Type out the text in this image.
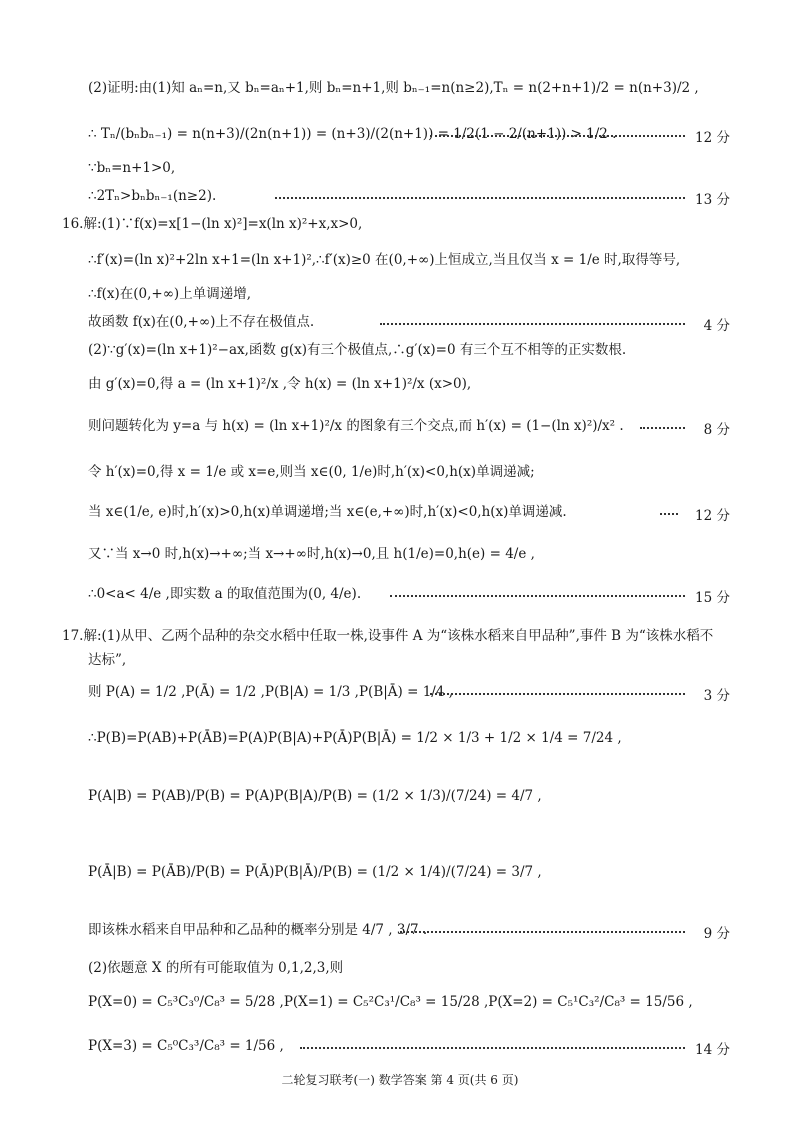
(2)证明:由(1)知 aₙ=n,又 bₙ=aₙ+1,则 bₙ=n+1,则 bₙ₋₁=n(n≥2),Tₙ = n(2+n+1)/2 = n(n+3)/2 ,
∴ Tₙ/(bₙbₙ₋₁) = n(n+3)/(2n(n+1)) = (n+3)/(2(n+1)) = 1/2(1 − 2/(n+1)) > 1/2 .	12 分
∵bₙ=n+1>0,
∴2Tₙ>bₙbₙ₋₁(n≥2).	13 分
16.解:(1)∵f(x)=x[1−(ln x)²]=x(ln x)²+x,x>0,
∴f′(x)=(ln x)²+2ln x+1=(ln x+1)²,∴f′(x)≥0 在(0,+∞)上恒成立,当且仅当 x = 1/e 时,取得等号,
∴f(x)在(0,+∞)上单调递增,
故函数 f(x)在(0,+∞)上不存在极值点.	4 分
(2)∵g′(x)=(ln x+1)²−ax,函数 g(x)有三个极值点,∴g′(x)=0 有三个互不相等的正实数根.
由 g′(x)=0,得 a = (ln x+1)²/x ,令 h(x) = (ln x+1)²/x (x>0),
则问题转化为 y=a 与 h(x) = (ln x+1)²/x 的图象有三个交点,而 h′(x) = (1−(ln x)²)/x² .	8 分
令 h′(x)=0,得 x = 1/e 或 x=e,则当 x∈(0, 1/e)时,h′(x)<0,h(x)单调递减;
当 x∈(1/e, e)时,h′(x)>0,h(x)单调递增;当 x∈(e,+∞)时,h′(x)<0,h(x)单调递减.	12 分
又∵当 x→0 时,h(x)→+∞;当 x→+∞时,h(x)→0,且 h(1/e)=0,h(e) = 4/e ,
∴0<a< 4/e ,即实数 a 的取值范围为(0, 4/e).	15 分
17.解:(1)从甲、乙两个品种的杂交水稻中任取一株,设事件 A 为“该株水稻来自甲品种”,事件 B 为“该株水稻不
达标”,
则 P(A) = 1/2 ,P(Ā) = 1/2 ,P(B|A) = 1/3 ,P(B|Ā) = 1/4 ,	3 分
∴P(B)=P(AB)+P(ĀB)=P(A)P(B|A)+P(Ā)P(B|Ā) = 1/2 × 1/3 + 1/2 × 1/4 = 7/24 ,
P(A|B) = P(AB)/P(B) = P(A)P(B|A)/P(B) = (1/2 × 1/3)/(7/24) = 4/7 ,
P(Ā|B) = P(ĀB)/P(B) = P(Ā)P(B|Ā)/P(B) = (1/2 × 1/4)/(7/24) = 3/7 ,
即该株水稻来自甲品种和乙品种的概率分别是 4/7 , 3/7 .	9 分
(2)依题意 X 的所有可能取值为 0,1,2,3,则
P(X=0) = C₅³C₃⁰/C₈³ = 5/28 ,P(X=1) = C₅²C₃¹/C₈³ = 15/28 ,P(X=2) = C₅¹C₃²/C₈³ = 15/56 ,
P(X=3) = C₅⁰C₃³/C₈³ = 1/56 ,	14 分
二轮复习联考(一) 数学答案 第 4 页(共 6 页)
